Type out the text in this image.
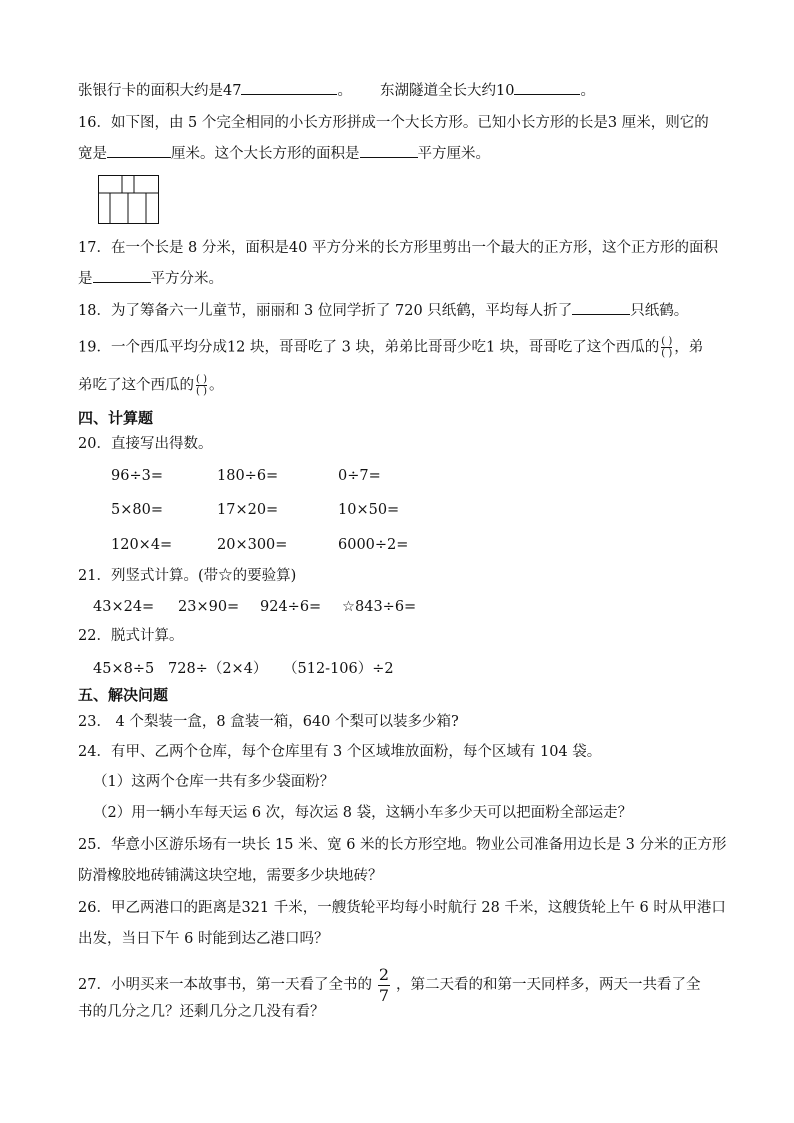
张银行卡的面积大约是47	。 东湖隧道全长大约10	。
16．如下图，由 5 个完全相同的小长方形拼成一个大长方形。已知小长方形的长是3 厘米，则它的
宽是	厘米。这个大长方形的面积是	平方厘米。
17．在一个长是 8 分米，面积是40 平方分米的长方形里剪出一个最大的正方形，这个正方形的面积
是	平方分米。
18．为了筹备六一儿童节，丽丽和 3 位同学折了 720 只纸鹤，平均每人折了	只纸鹤。
19．一个西瓜平均分成12 块，哥哥吃了 3 块，弟弟比哥哥少吃1 块，哥哥吃了这个西瓜的 $\frac{( )}{( )}$ ，弟
弟吃了这个西瓜的 $\frac{( )}{( )}$ 。
四、计算题
20．直接写出得数。
96÷3=	180÷6=	0÷7=
5×80=	17×20=	10×50=
120×4=	20×300=	6000÷2=
21．列竖式计算。(带☆的要验算)
43×24= 23×90= 924÷6= ☆843÷6=
22．脱式计算。
45×8÷5 728÷（2×4） （512-106）÷2
五、解决问题
23． 4 个梨装一盒，8 盒装一箱，640 个梨可以装多少箱?
24．有甲、乙两个仓库，每个仓库里有 3 个区域堆放面粉，每个区域有 104 袋。
（1）这两个仓库一共有多少袋面粉？
（2）用一辆小车每天运 6 次，每次运 8 袋，这辆小车多少天可以把面粉全部运走？
25．华意小区游乐场有一块长 15 米、宽 6 米的长方形空地。物业公司准备用边长是 3 分米的正方形
防滑橡胶地砖铺满这块空地，需要多少块地砖？
26．甲乙两港口的距离是321 千米，一艘货轮平均每小时航行 28 千米，这艘货轮上午 6 时从甲港口
出发，当日下午 6 时能到达乙港口吗？
27．小明买来一本故事书，第一天看了全书的 $\frac{2}{7}$ ，第二天看的和第一天同样多，两天一共看了全
书的几分之几？还剩几分之几没有看？
